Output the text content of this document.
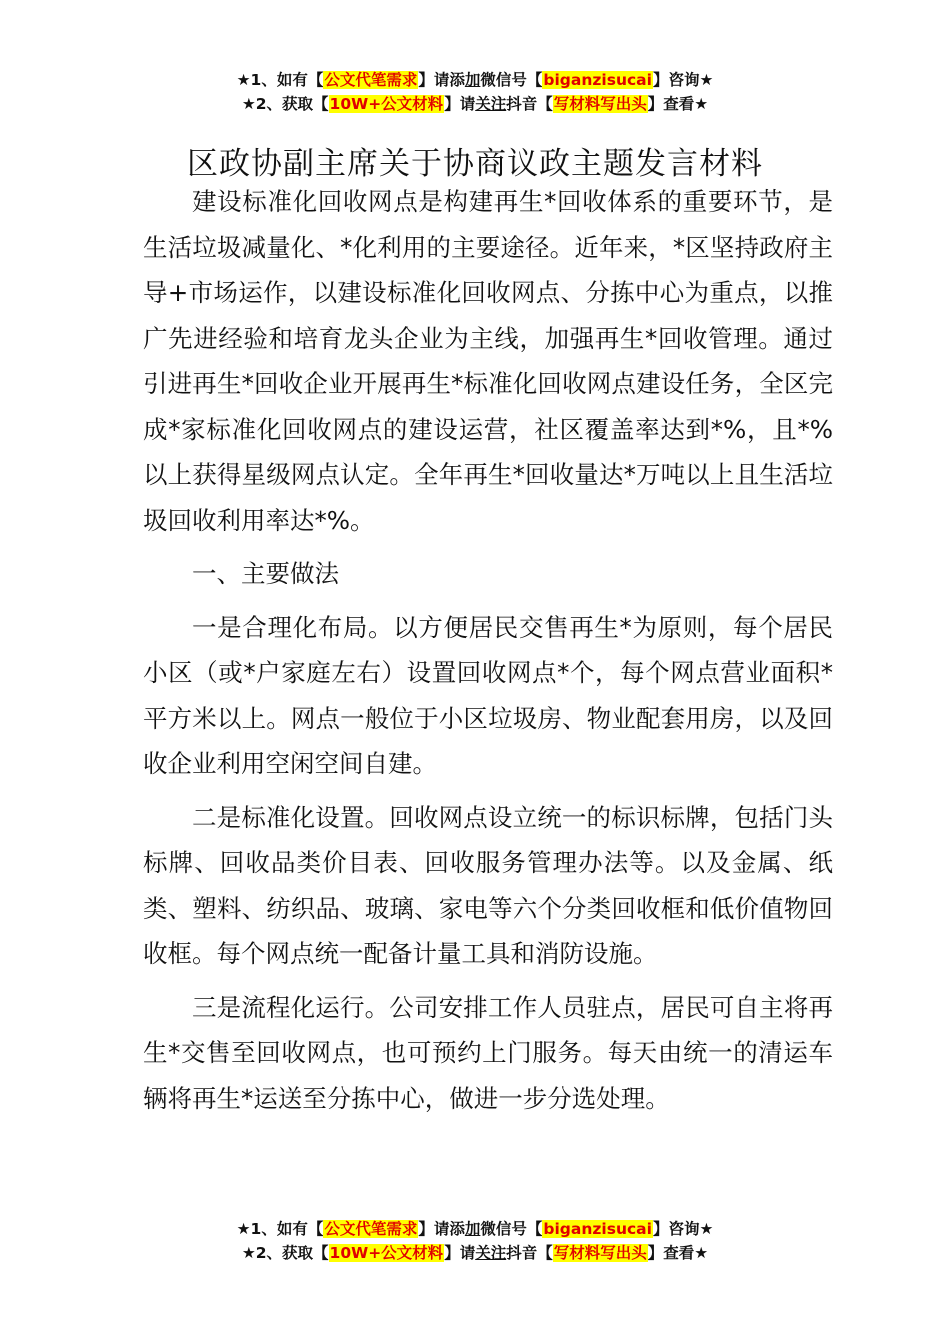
★1、如有【公文代笔需求】请添加微信号【biganzisucai】咨询★
★2、获取【10W+公文材料】请关注抖音【写材料写出头】查看★
区政协副主席关于协商议政主题发言材料

建设标准化回收网点是构建再生*回收体系的重要环节，是生活垃圾减量化、*化利用的主要途径。近年来，*区坚持政府主导+市场运作，以建设标准化回收网点、分拣中心为重点，以推广先进经验和培育龙头企业为主线，加强再生*回收管理。通过引进再生*回收企业开展再生*标准化回收网点建设任务，全区完成*家标准化回收网点的建设运营，社区覆盖率达到*%，且*%以上获得星级网点认定。全年再生*回收量达*万吨以上且生活垃圾回收利用率达*%。

一、主要做法

一是合理化布局。以方便居民交售再生*为原则，每个居民小区（或*户家庭左右）设置回收网点*个，每个网点营业面积*平方米以上。网点一般位于小区垃圾房、物业配套用房，以及回收企业利用空闲空间自建。

二是标准化设置。回收网点设立统一的标识标牌，包括门头标牌、回收品类价目表、回收服务管理办法等。以及金属、纸类、塑料、纺织品、玻璃、家电等六个分类回收框和低价值物回收框。每个网点统一配备计量工具和消防设施。

三是流程化运行。公司安排工作人员驻点，居民可自主将再生*交售至回收网点，也可预约上门服务。每天由统一的清运车辆将再生*运送至分拣中心，做进一步分选处理。

★1、如有【公文代笔需求】请添加微信号【biganzisucai】咨询★
★2、获取【10W+公文材料】请关注抖音【写材料写出头】查看★
